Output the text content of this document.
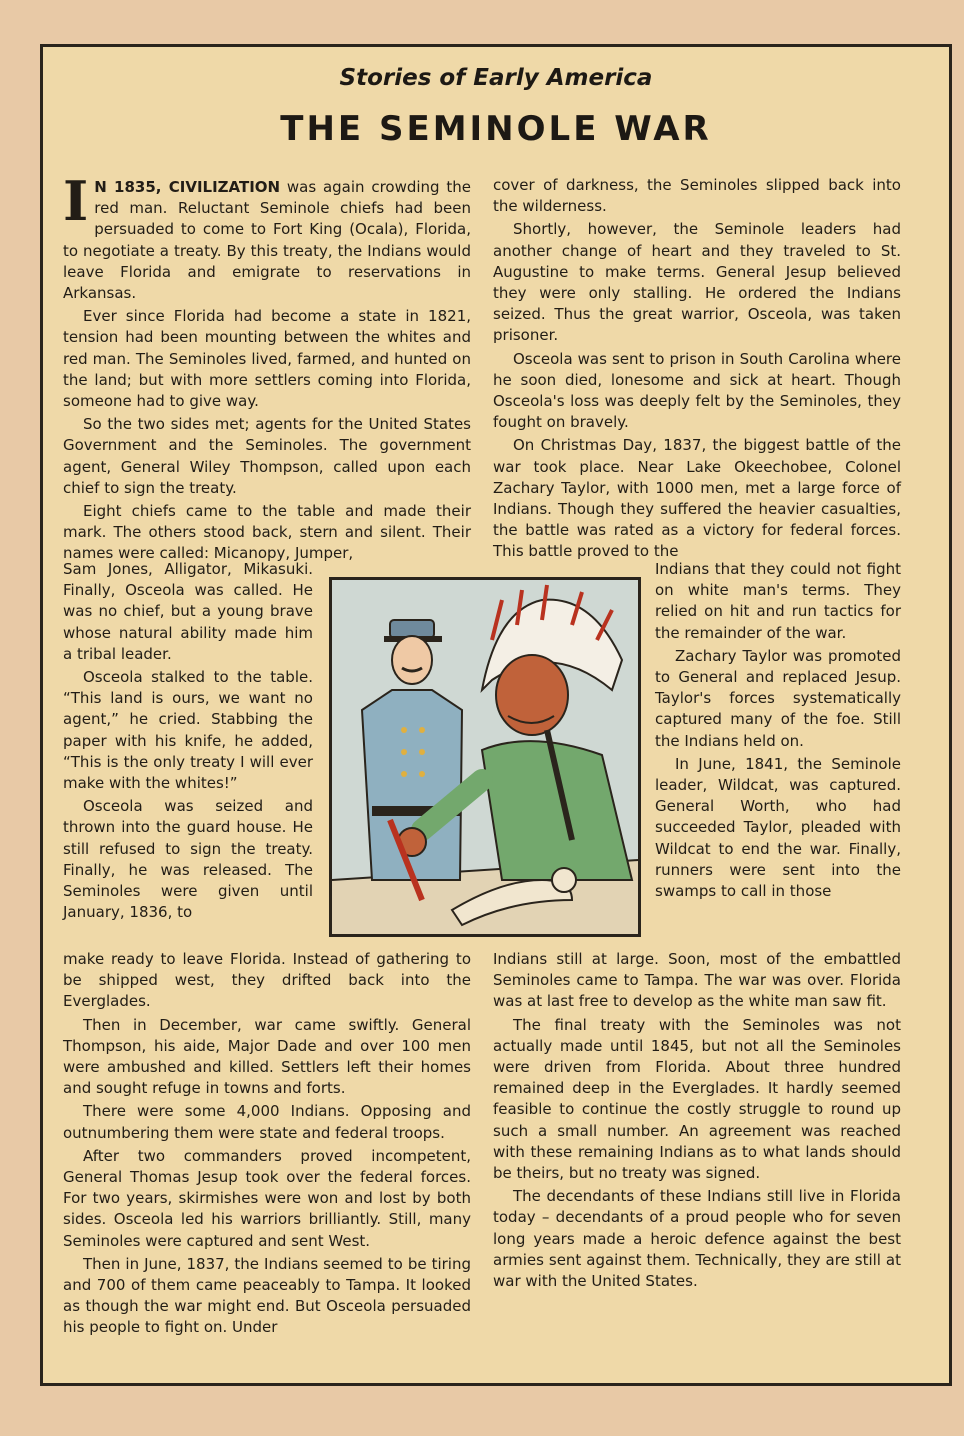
Stories of Early America
THE SEMINOLE WAR

I N 1835, CIVILIZATION was again crowding the red man. Reluctant Seminole chiefs had been persuaded to come to Fort King (Ocala), Florida, to negotiate a treaty. By this treaty, the Indians would leave Florida and emigrate to reservations in Arkansas.

Ever since Florida had become a state in 1821, tension had been mounting between the whites and red man. The Seminoles lived, farmed, and hunted on the land; but with more settlers coming into Florida, someone had to give way.

So the two sides met; agents for the United States Government and the Seminoles. The government agent, General Wiley Thompson, called upon each chief to sign the treaty.

Eight chiefs came to the table and made their mark. The others stood back, stern and silent. Their names were called: Micanopy, Jumper,

Sam Jones, Alligator, Mikasuki. Finally, Osceola was called. He was no chief, but a young brave whose natural ability made him a tribal leader.

Osceola stalked to the table. “This land is ours, we want no agent,” he cried. Stabbing the paper with his knife, he added, “This is the only treaty I will ever make with the whites!”

Osceola was seized and thrown into the guard house. He still refused to sign the treaty. Finally, he was released. The Seminoles were given until January, 1836, to

make ready to leave Florida. Instead of gathering to be shipped west, they drifted back into the Everglades.

Then in December, war came swiftly. General Thompson, his aide, Major Dade and over 100 men were ambushed and killed. Settlers left their homes and sought refuge in towns and forts.

There were some 4,000 Indians. Opposing and outnumbering them were state and federal troops.

After two commanders proved incompetent, General Thomas Jesup took over the federal forces. For two years, skirmishes were won and lost by both sides. Osceola led his warriors brilliantly. Still, many Seminoles were captured and sent West.

Then in June, 1837, the Indians seemed to be tiring and 700 of them came peaceably to Tampa. It looked as though the war might end. But Osceola persuaded his people to fight on. Under

cover of darkness, the Seminoles slipped back into the wilderness.

Shortly, however, the Seminole leaders had another change of heart and they traveled to St. Augustine to make terms. General Jesup believed they were only stalling. He ordered the Indians seized. Thus the great warrior, Osceola, was taken prisoner.

Osceola was sent to prison in South Carolina where he soon died, lonesome and sick at heart. Though Osceola's loss was deeply felt by the Seminoles, they fought on bravely.

On Christmas Day, 1837, the biggest battle of the war took place. Near Lake Okeechobee, Colonel Zachary Taylor, with 1000 men, met a large force of Indians. Though they suffered the heavier casualties, the battle was rated as a victory for federal forces. This battle proved to the

Indians that they could not fight on white man's terms. They relied on hit and run tactics for the remainder of the war.

Zachary Taylor was promoted to General and replaced Jesup. Taylor's forces systematically captured many of the foe. Still the Indians held on.

In June, 1841, the Seminole leader, Wildcat, was captured. General Worth, who had succeeded Taylor, pleaded with Wildcat to end the war. Finally, runners were sent into the swamps to call in those

Indians still at large. Soon, most of the embattled Seminoles came to Tampa. The war was over. Florida was at last free to develop as the white man saw fit.

The final treaty with the Seminoles was not actually made until 1845, but not all the Seminoles were driven from Florida. About three hundred remained deep in the Everglades. It hardly seemed feasible to continue the costly struggle to round up such a small number. An agreement was reached with these remaining Indians as to what lands should be theirs, but no treaty was signed.

The decendants of these Indians still live in Florida today – decendants of a proud people who for seven long years made a heroic defence against the best armies sent against them. Technically, they are still at war with the United States.
